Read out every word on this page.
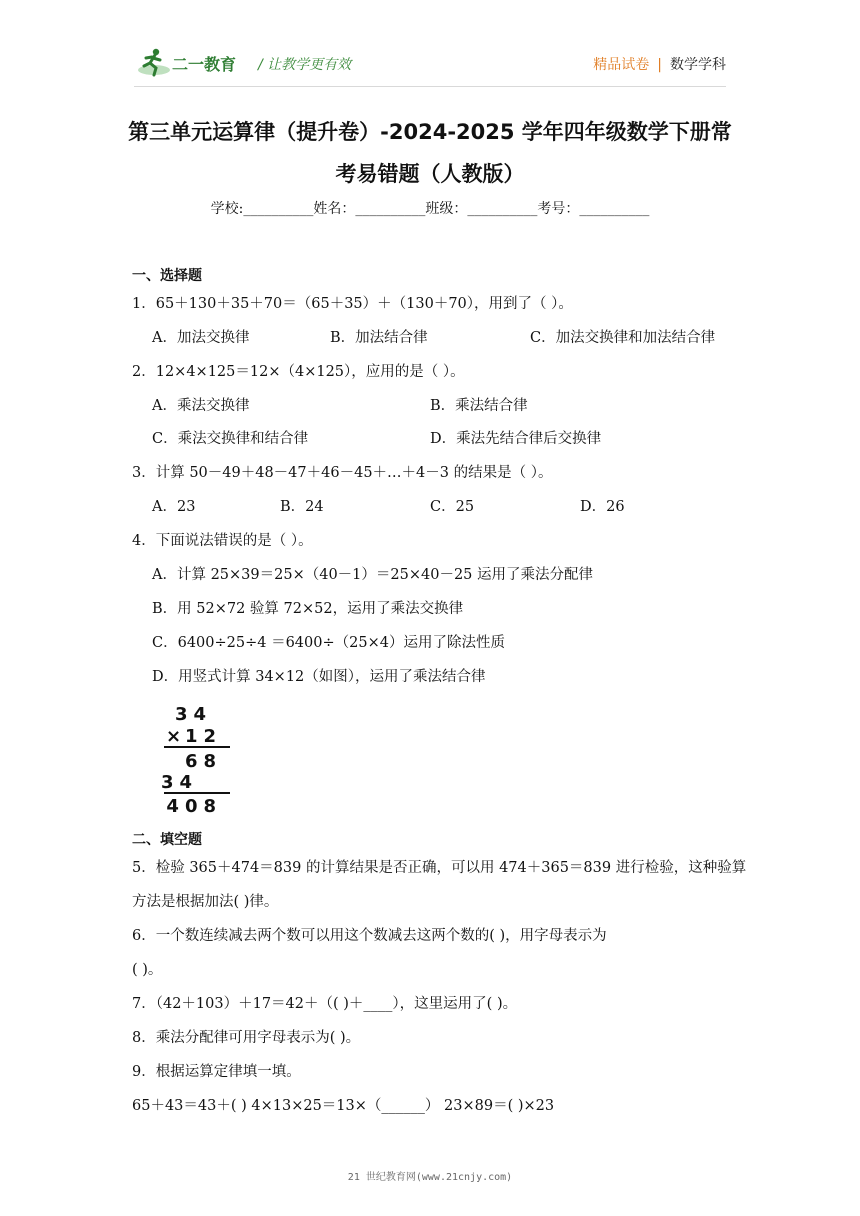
二一教育 / 让教学更有效	精品试卷 | 数学学科
第三单元运算律（提升卷）-2024-2025 学年四年级数学下册常
考易错题（人教版）
学校:__________姓名：__________班级：__________考号：__________
一、选择题
1．65＋130＋35＋70＝（65＋35）＋（130＋70），用到了（ ）。
A．加法交换律	B．加法结合律	C．加法交换律和加法结合律
2．12×4×125＝12×（4×125），应用的是（ ）。
A．乘法交换律	B．乘法结合律
C．乘法交换律和结合律	D．乘法先结合律后交换律
3．计算 50－49＋48－47＋46－45＋…＋4－3 的结果是（ ）。
A．23	B．24	C．25	D．26
4．下面说法错误的是（ ）。
A．计算 25×39＝25×（40－1）＝25×40－25 运用了乘法分配律
B．用 52×72 验算 72×52，运用了乘法交换律
C．6400÷25÷4 ＝6400÷（25×4）运用了除法性质
D．用竖式计算 34×12（如图），运用了乘法结合律
34
× 12
68
34
408
二、填空题
5．检验 365＋474＝839 的计算结果是否正确，可以用 474＋365＝839 进行检验，这种验算
方法是根据加法( )律。
6．一个数连续减去两个数可以用这个数减去这两个数的( )，用字母表示为
( )。
7．（42＋103）＋17＝42＋（( )＋____），这里运用了( )。
8．乘法分配律可用字母表示为( )。
9．根据运算定律填一填。
65＋43＝43＋( ) 4×13×25＝13×（______） 23×89＝( )×23
21 世纪教育网(www.21cnjy.com)
